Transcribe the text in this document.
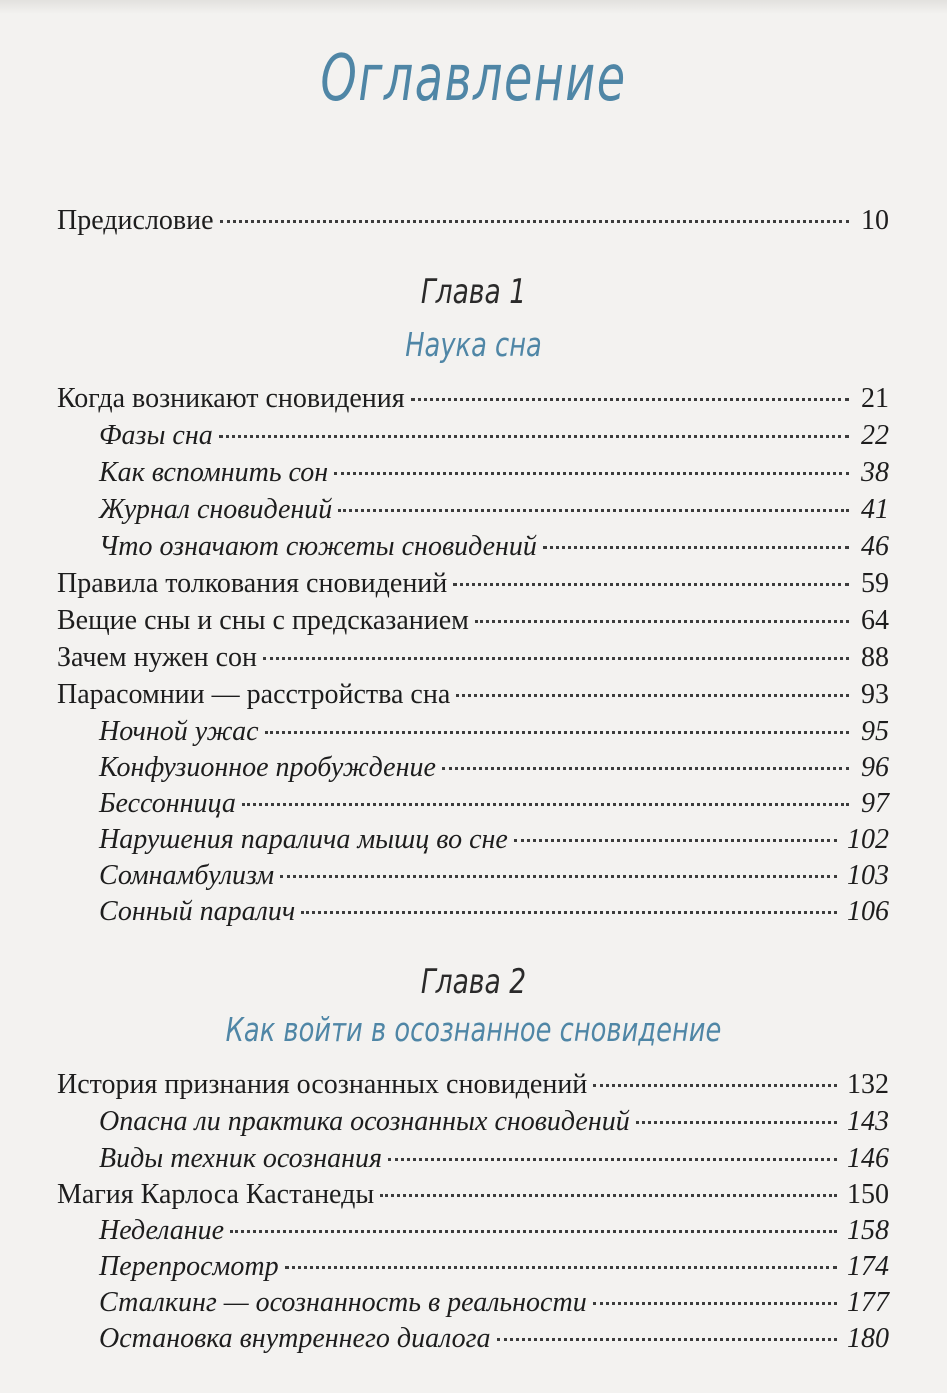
Оглавление
Предисловие	10
Глава 1
Наука сна
Когда возникают сновидения	21
Фазы сна	22
Как вспомнить сон	38
Журнал сновидений	41
Что означают сюжеты сновидений	46
Правила толкования сновидений	59
Вещие сны и сны с предсказанием	64
Зачем нужен сон	88
Парасомнии — расстройства сна	93
Ночной ужас	95
Конфузионное пробуждение	96
Бессонница	97
Нарушения паралича мышц во сне	102
Сомнамбулизм	103
Сонный паралич	106
Глава 2
Как войти в осознанное сновидение
История признания осознанных сновидений	132
Опасна ли практика осознанных сновидений	143
Виды техник осознания	146
Магия Карлоса Кастанеды	150
Неделание	158
Перепросмотр	174
Сталкинг — осознанность в реальности	177
Остановка внутреннего диалога	180
